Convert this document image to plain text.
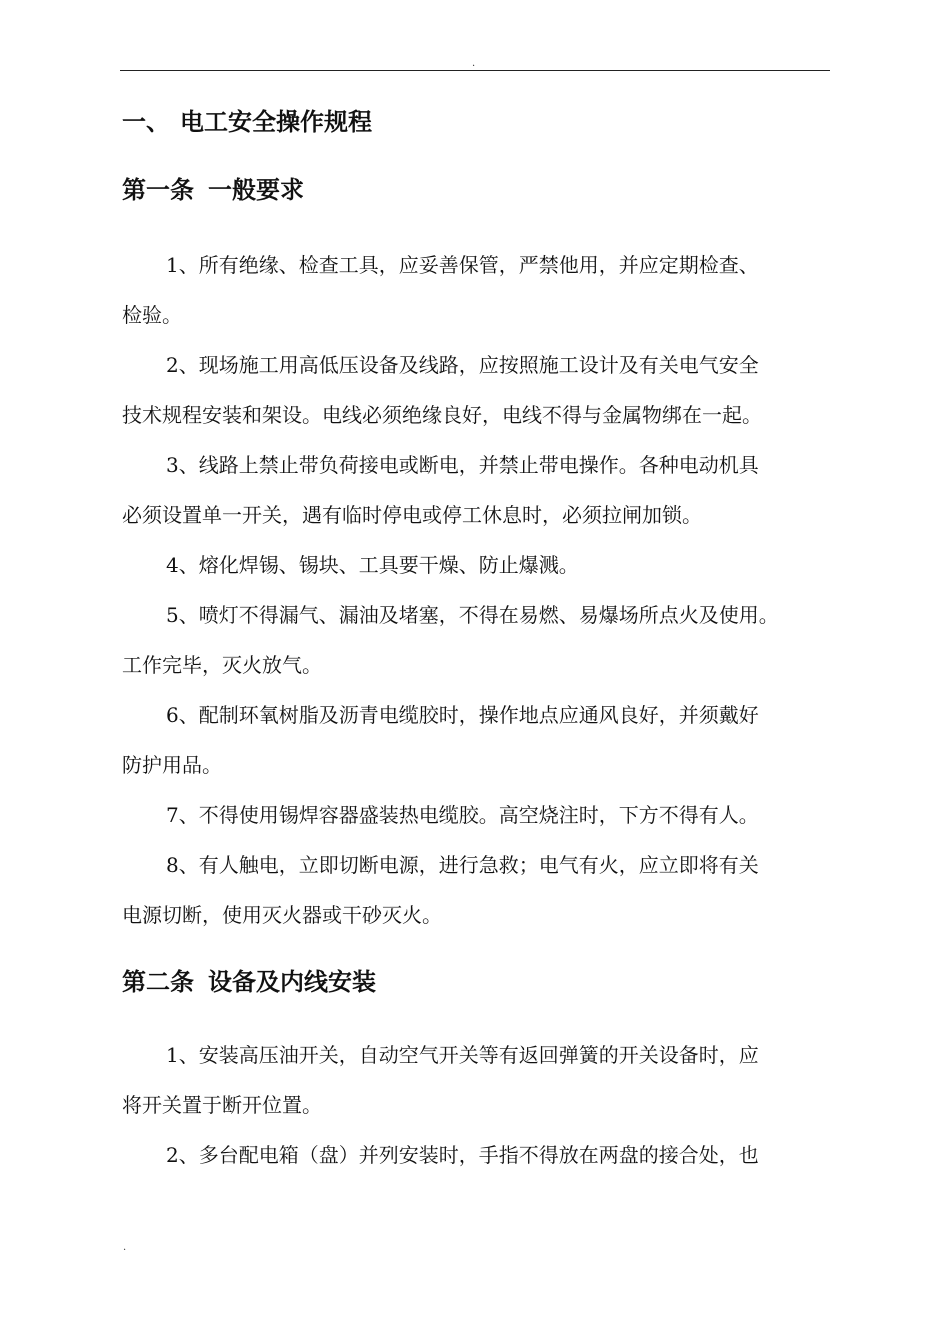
.
一、 电工安全操作规程
第一条 一般要求
1、所有绝缘、检查工具，应妥善保管，严禁他用，并应定期检查、
检验。
2、现场施工用高低压设备及线路，应按照施工设计及有关电气安全
技术规程安装和架设。电线必须绝缘良好，电线不得与金属物绑在一起。
3、线路上禁止带负荷接电或断电，并禁止带电操作。各种电动机具
必须设置单一开关，遇有临时停电或停工休息时，必须拉闸加锁。
4、熔化焊锡、锡块、工具要干燥、防止爆溅。
5、喷灯不得漏气、漏油及堵塞，不得在易燃、易爆场所点火及使用。
工作完毕，灭火放气。
6、配制环氧树脂及沥青电缆胶时，操作地点应通风良好，并须戴好
防护用品。
7、不得使用锡焊容器盛装热电缆胶。高空烧注时，下方不得有人。
8、有人触电，立即切断电源，进行急救；电气有火，应立即将有关
电源切断，使用灭火器或干砂灭火。
第二条 设备及内线安装
1、安装高压油开关，自动空气开关等有返回弹簧的开关设备时，应
将开关置于断开位置。
2、多台配电箱（盘）并列安装时，手指不得放在两盘的接合处，也
.
